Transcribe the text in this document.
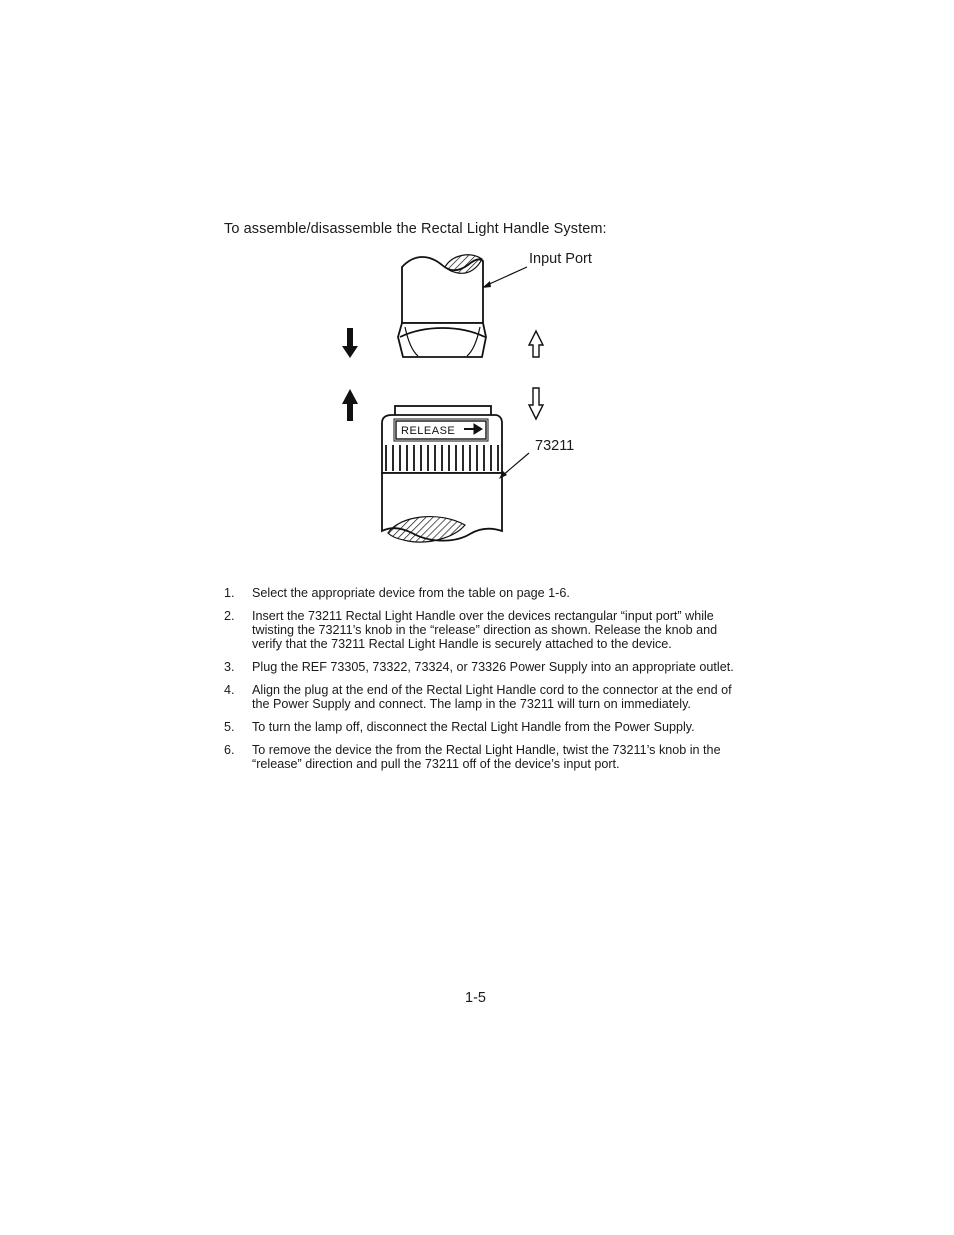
To assemble/disassemble the Rectal Light Handle System:
RELEASE
Input Port
73211
1. Select the appropriate device from the table on page 1-6.
2. Insert the 73211 Rectal Light Handle over the devices rectangular “input port” while twisting the 73211’s knob in the “release” direction as shown. Release the knob and verify that the 73211 Rectal Light Handle is securely attached to the device.
3. Plug the REF 73305, 73322, 73324, or 73326 Power Supply into an appropriate outlet.
4. Align the plug at the end of the Rectal Light Handle cord to the connector at the end of the Power Supply and connect. The lamp in the 73211 will turn on immediately.
5. To turn the lamp off, disconnect the Rectal Light Handle from the Power Supply.
6. To remove the device the from the Rectal Light Handle, twist the 73211’s knob in the “release” direction and pull the 73211 off of the device’s input port.
1-5
